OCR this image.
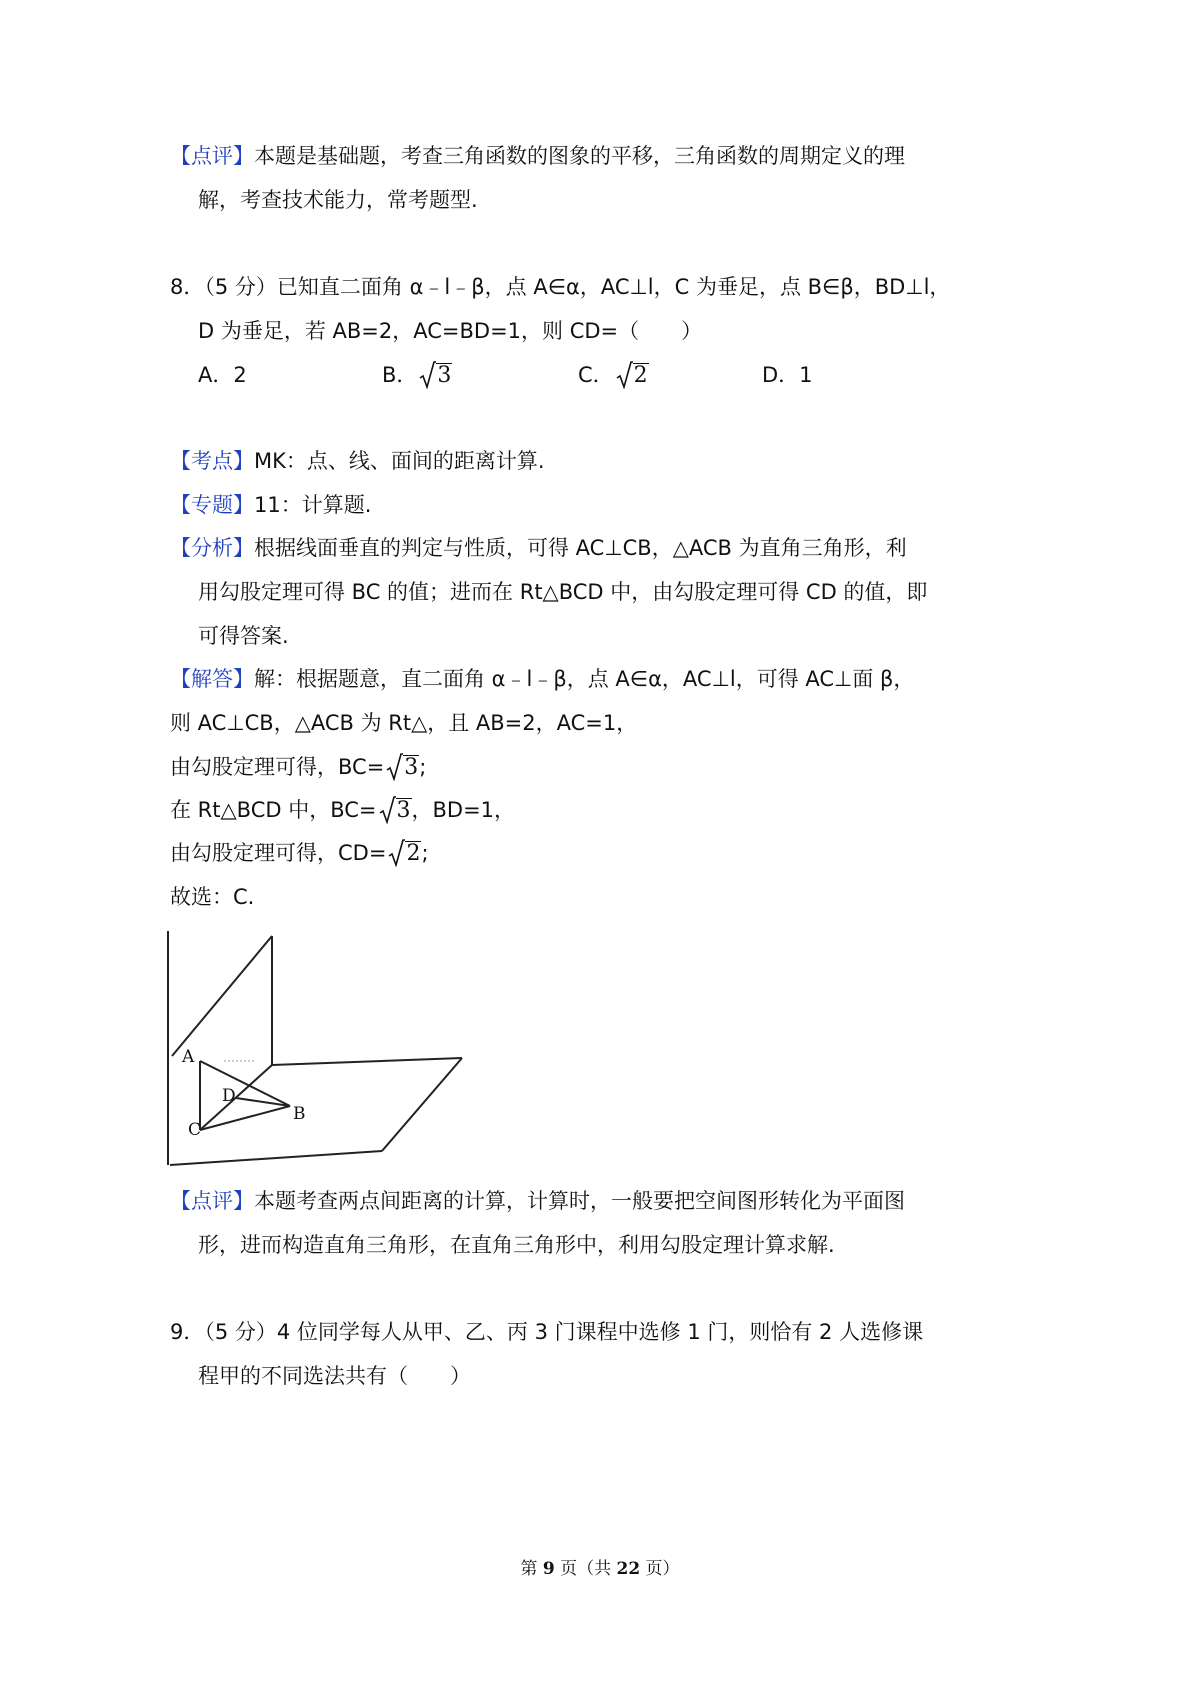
【点评】本题是基础题，考查三角函数的图象的平移，三角函数的周期定义的理
解，考查技术能力，常考题型.
8．（5 分）已知直二面角 α﹣l﹣β，点 A∈α，AC⊥l，C 为垂足，点 B∈β，BD⊥l，
D 为垂足，若 AB=2，AC=BD=1，则 CD=（　　）
A．2	B． 3	C． 2	D．1
【考点】MK：点、线、面间的距离计算.
【专题】11：计算题.
【分析】根据线面垂直的判定与性质，可得 AC⊥CB，△ACB 为直角三角形，利
用勾股定理可得 BC 的值；进而在 Rt△BCD 中，由勾股定理可得 CD 的值，即
可得答案.
【解答】解：根据题意，直二面角 α﹣l﹣β，点 A∈α，AC⊥l，可得 AC⊥面 β，
则 AC⊥CB，△ACB 为 Rt△，且 AB=2，AC=1，
由勾股定理可得，BC= 3;
在 Rt△BCD 中，BC= 3，BD=1，
由勾股定理可得，CD= 2;
故选：C.
A
C
D
B
【点评】本题考查两点间距离的计算，计算时，一般要把空间图形转化为平面图
形，进而构造直角三角形，在直角三角形中，利用勾股定理计算求解.
9．（5 分）4 位同学每人从甲、乙、丙 3 门课程中选修 1 门，则恰有 2 人选修课
程甲的不同选法共有（　　）
第 9 页（共 22 页）
